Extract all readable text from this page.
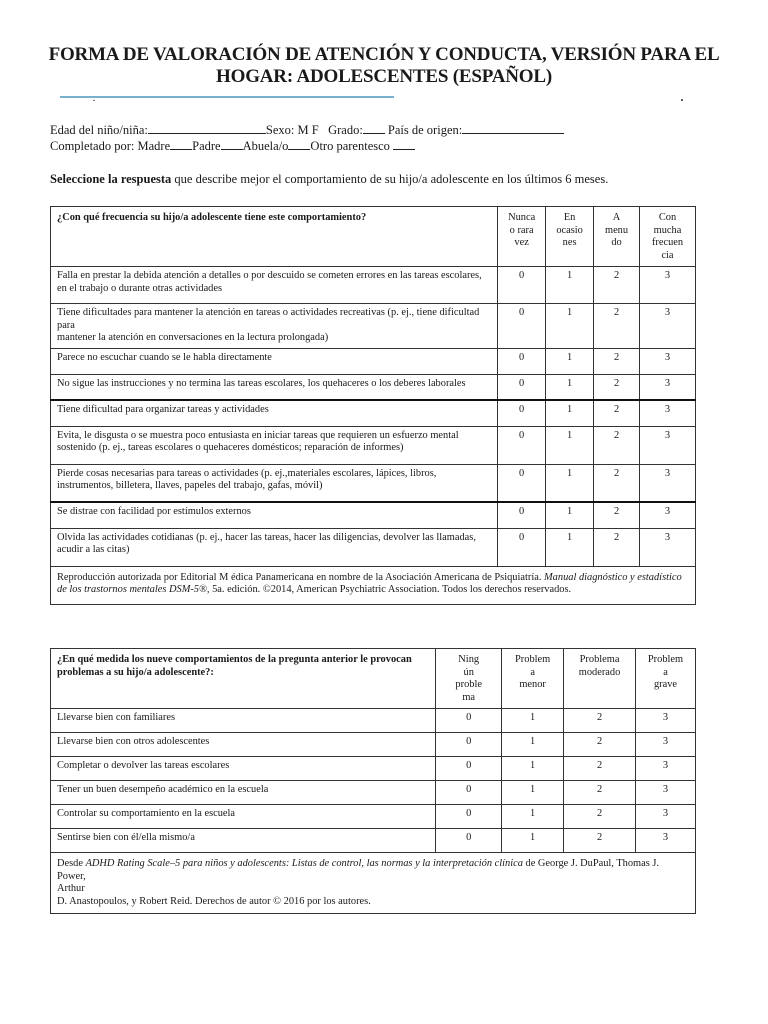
FORMA DE VALORACIÓN DE ATENCIÓN Y CONDUCTA, VERSIÓN PARA EL
HOGAR: ADOLESCENTES (ESPAÑOL)
·	·
Edad del niño/niña:	Sexo: M F Grado: País de origen:
Completado por: Madre Padre Abuela/o Otro parentesco
Seleccione la respuesta que describe mejor el comportamiento de su hijo/a adolescente en los últimos 6 meses.
¿Con qué frecuencia su hijo/a adolescente tiene este comportamiento?	Nunca
o rara
vez	En
ocasio
nes	A
menu
do	Con
mucha
frecuen
cia
Falla en prestar la debida atención a detalles o por descuido se cometen errores en las tareas escolares,
en el trabajo o durante otras actividades	0	1	2	3
Tiene dificultades para mantener la atención en tareas o actividades recreativas (p. ej., tiene dificultad para
mantener la atención en conversaciones en la lectura prolongada)	0	1	2	3
Parece no escuchar cuando se le habla directamente	0	1	2	3
No sigue las instrucciones y no termina las tareas escolares, los quehaceres o los deberes laborales	0	1	2	3
Tiene dificultad para organizar tareas y actividades	0	1	2	3
Evita, le disgusta o se muestra poco entusiasta en iniciar tareas que requieren un esfuerzo mental
sostenido (p. ej., tareas escolares o quehaceres domésticos; reparación de informes)	0	1	2	3
Pierde cosas necesarias para tareas o actividades (p. ej.,materiales escolares, lápices, libros,
instrumentos, billetera, llaves, papeles del trabajo, gafas, móvil)	0	1	2	3
Se distrae con facilidad por estímulos externos	0	1	2	3
Olvida las actividades cotidianas (p. ej., hacer las tareas, hacer las diligencias, devolver las llamadas,
acudir a las citas)	0	1	2	3
Reproducción autorizada por Editorial M édica Panamericana en nombre de la Asociación Americana de Psiquiatría. Manual diagnóstico y estadístico de los trastornos mentales DSM-5®, 5a. edición. ©2014, American Psychiatric Association. Todos los derechos reservados.				
¿En qué medida los nueve comportamientos de la pregunta anterior le provocan
problemas a su hijo/a adolescente?:	Ning
ún
proble
ma	Problem
a
menor	Problema
moderado	Problem
a
grave
Llevarse bien con familiares	0	1	2	3
Llevarse bien con otros adolescentes	0	1	2	3
Completar o devolver las tareas escolares	0	1	2	3
Tener un buen desempeño académico en la escuela	0	1	2	3
Controlar su comportamiento en la escuela	0	1	2	3
Sentirse bien con él/ella mismo/a	0	1	2	3
Desde ADHD Rating Scale–5 para niños y adolescents: Listas de control, las normas y la interpretación clínica de George J. DuPaul, Thomas J. Power,
Arthur
D. Anastopoulos, y Robert Reid. Derechos de autor © 2016 por los autores.				
